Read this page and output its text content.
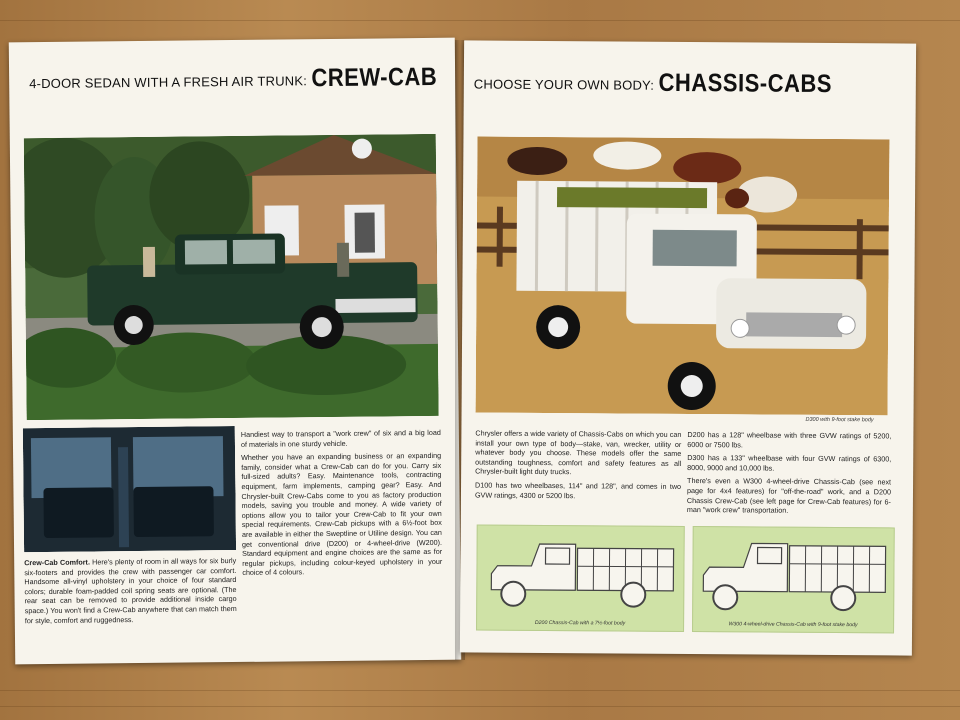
4-DOOR SEDAN WITH A FRESH AIR TRUNK: CREW-CAB
Crew-Cab Comfort. Here's plenty of room in all ways for six burly six-footers and provides the crew with passenger car comfort. Handsome all-vinyl upholstery in your choice of four standard colors; durable foam-padded coil spring seats are optional. (The rear seat can be removed to provide additional inside cargo space.) You won't find a Crew-Cab anywhere that can match them for style, comfort and ruggedness.

Handiest way to transport a "work crew" of six and a big load of materials in one sturdy vehicle.

Whether you have an expanding business or an expanding family, consider what a Crew-Cab can do for you. Carry six full-sized adults? Easy. Maintenance tools, contracting equipment, farm implements, camping gear? Easy. And Chrysler-built Crew-Cabs come to you as factory production models, saving you trouble and money. A wide variety of options allow you to tailor your Crew-Cab to fit your own special requirements. Crew-Cab pickups with a 6½-foot box are available in either the Sweptline or Utiline design. You can get conventional drive (D200) or 4-wheel-drive (W200). Standard equipment and engine choices are the same as for regular pickups, including colour-keyed upholstery in your choice of 4 colours.

CHOOSE YOUR OWN BODY: CHASSIS-CABS
D300 with 9-foot stake body

Chrysler offers a wide variety of Chassis-Cabs on which you can install your own type of body—stake, van, wrecker, utility or whatever body you choose. These models offer the same outstanding toughness, comfort and safety features as all Chrysler-built light duty trucks.

D100 has two wheelbases, 114" and 128", and comes in two GVW ratings, 4300 or 5200 lbs.

D200 has a 128" wheelbase with three GVW ratings of 5200, 6000 or 7500 lbs.

D300 has a 133" wheelbase with four GVW ratings of 6300, 8000, 9000 and 10,000 lbs.

There's even a W300 4-wheel-drive Chassis-Cab (see next page for 4x4 features) for "off-the-road" work, and a D200 Chassis Crew-Cab (see left page for Crew-Cab features) for 6-man "work crew" transportation.

D200 Chassis-Cab with a 7½-foot body	W300 4-wheel-drive Chassis-Cab with 9-foot stake body
